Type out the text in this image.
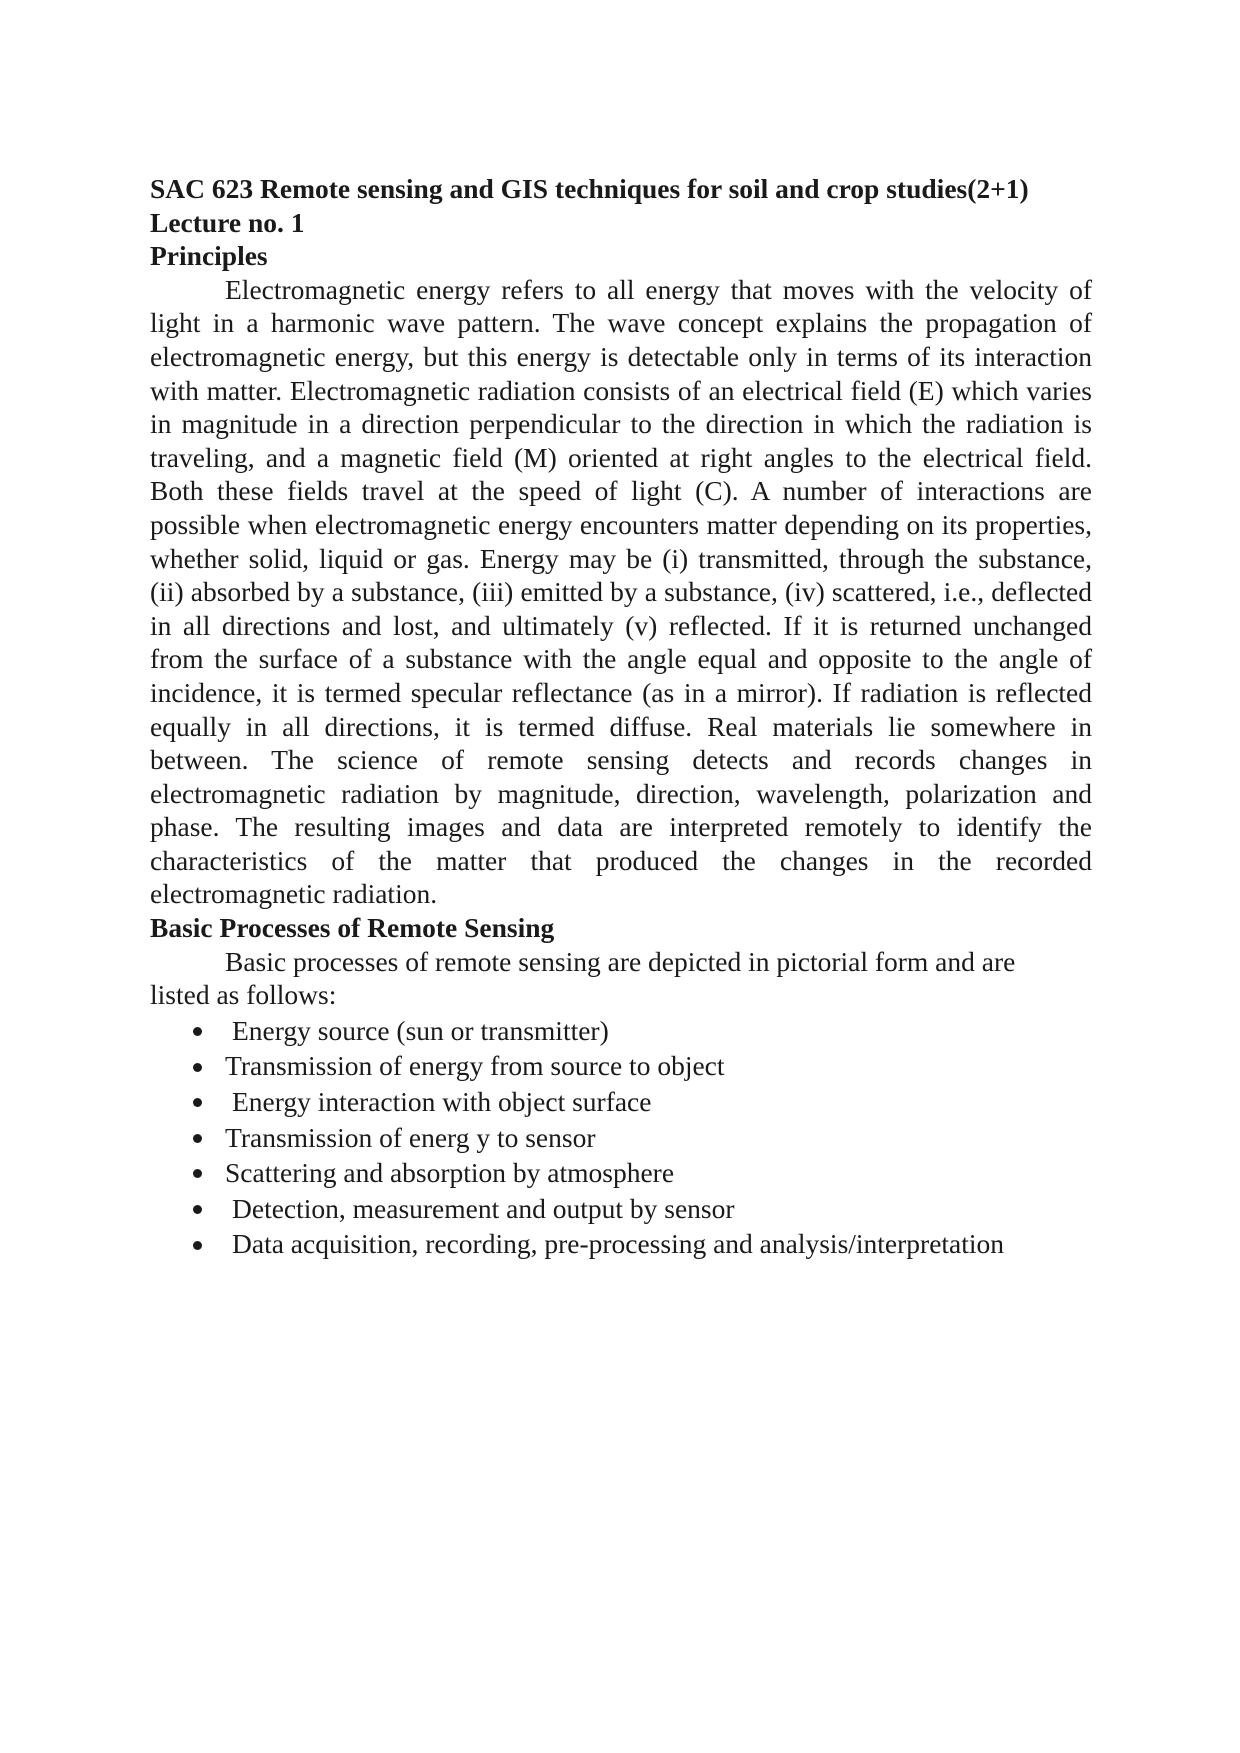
SAC 623 Remote sensing and GIS techniques for soil and crop studies(2+1)

Lecture no. 1

Principles

Electromagnetic energy refers to all energy that moves with the velocity of light in a harmonic wave pattern. The wave concept explains the propagation of electromagnetic energy, but this energy is detectable only in terms of its interaction with matter. Electromagnetic radiation consists of an electrical field (E) which varies in magnitude in a direction perpendicular to the direction in which the radiation is traveling, and a magnetic field (M) oriented at right angles to the electrical field. Both these fields travel at the speed of light (C). A number of interactions are possible when electromagnetic energy encounters matter depending on its properties, whether solid, liquid or gas. Energy may be (i) transmitted, through the substance, (ii) absorbed by a substance, (iii) emitted by a substance, (iv) scattered, i.e., deflected in all directions and lost, and ultimately (v) reflected. If it is returned unchanged from the surface of a substance with the angle equal and opposite to the angle of incidence, it is termed specular reflectance (as in a mirror). If radiation is reflected equally in all directions, it is termed diffuse. Real materials lie somewhere in between. The science of remote sensing detects and records changes in electromagnetic radiation by magnitude, direction, wavelength, polarization and phase. The resulting images and data are interpreted remotely to identify the characteristics of the matter that produced the changes in the recorded electromagnetic radiation.

Basic Processes of Remote Sensing

Basic processes of remote sensing are depicted in pictorial form and are listed as follows:

Energy source (sun or transmitter)
Transmission of energy from source to object
Energy interaction with object surface
Transmission of energ y to sensor
Scattering and absorption by atmosphere
Detection, measurement and output by sensor
Data acquisition, recording, pre-processing and analysis/interpretation
